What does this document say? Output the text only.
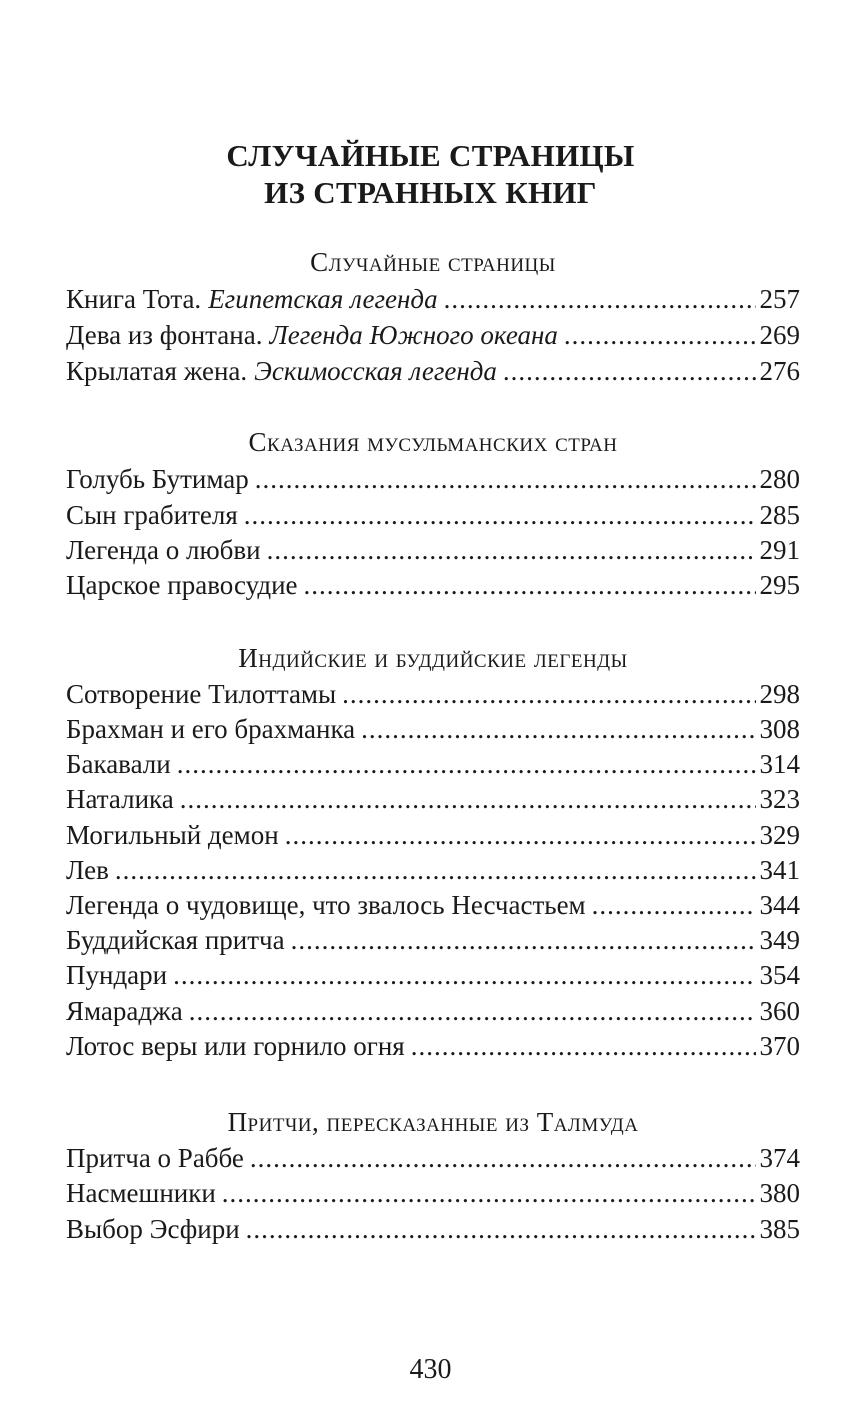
СЛУЧАЙНЫЕ СТРАНИЦЫ
ИЗ СТРАННЫХ КНИГ
Случайные страницы
Книга Тота. Египетская легенда .....	257
Дева из фонтана. Легенда Южного океана .....	269
Крылатая жена. Эскимосская легенда .....	276
Сказания мусульманских стран
Голубь Бутимар .....	280
Сын грабителя .....	285
Легенда о любви .....	291
Царское правосудие .....	295
Индийские и буддийские легенды
Сотворение Тилоттамы .....	298
Брахман и его брахманка .....	308
Бакавали .....	314
Наталика .....	323
Могильный демон .....	329
Лев .....	341
Легенда о чудовище, что звалось Несчастьем .....	344
Буддийская притча .....	349
Пундари .....	354
Ямараджа .....	360
Лотос веры или горнило огня .....	370
Притчи, пересказанные из Талмуда
Притча о Раббе .....	374
Насмешники .....	380
Выбор Эсфири .....	385
430
